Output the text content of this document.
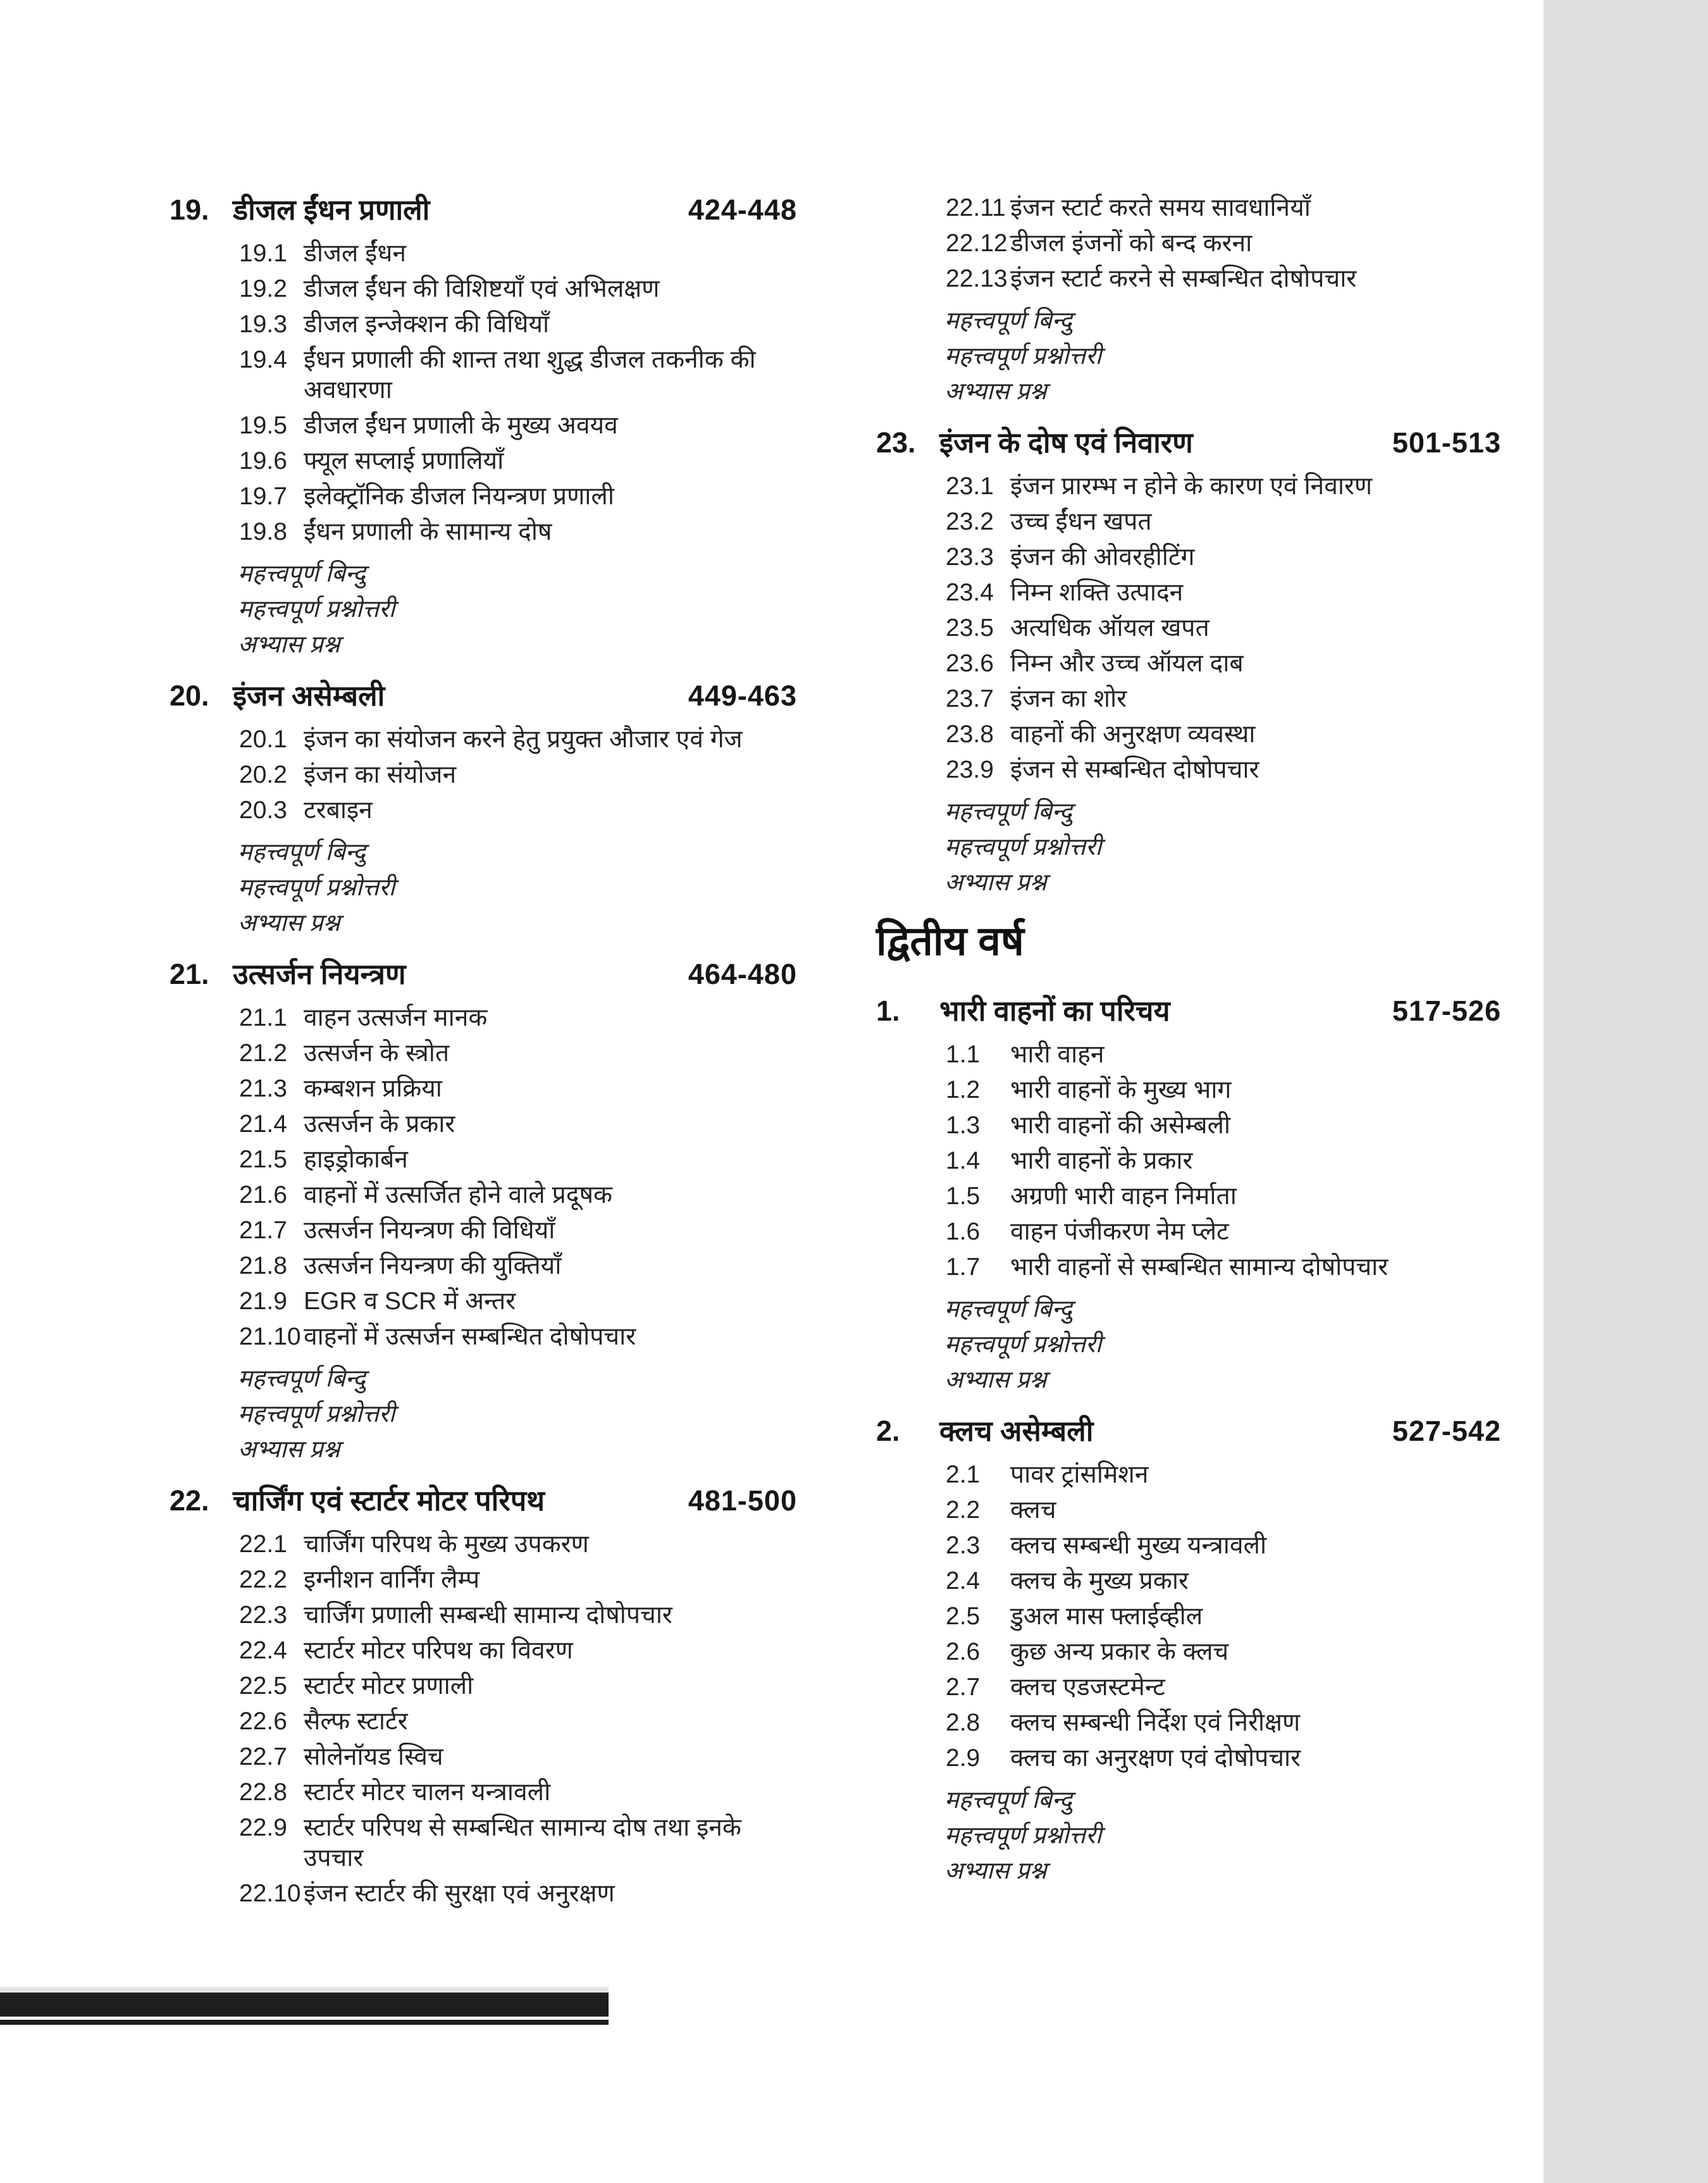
19. डीजल ईंधन प्रणाली	424-448
19.1 डीजल ईंधन
19.2 डीजल ईंधन की विशिष्टयाँ एवं अभिलक्षण
19.3 डीजल इन्जेक्शन की विधियाँ
19.4 ईंधन प्रणाली की शान्त तथा शुद्ध डीजल तकनीक की अवधारणा
19.5 डीजल ईंधन प्रणाली के मुख्य अवयव
19.6 फ्यूल सप्लाई प्रणालियाँ
19.7 इलेक्ट्रॉनिक डीजल नियन्त्रण प्रणाली
19.8 ईंधन प्रणाली के सामान्य दोष
महत्त्वपूर्ण बिन्दु
महत्त्वपूर्ण प्रश्नोत्तरी
अभ्यास प्रश्न
20. इंजन असेम्बली	449-463
20.1 इंजन का संयोजन करने हेतु प्रयुक्त औजार एवं गेज
20.2 इंजन का संयोजन
20.3 टरबाइन
महत्त्वपूर्ण बिन्दु
महत्त्वपूर्ण प्रश्नोत्तरी
अभ्यास प्रश्न
21. उत्सर्जन नियन्त्रण	464-480
21.1 वाहन उत्सर्जन मानक
21.2 उत्सर्जन के स्त्रोत
21.3 कम्बशन प्रक्रिया
21.4 उत्सर्जन के प्रकार
21.5 हाइड्रोकार्बन
21.6 वाहनों में उत्सर्जित होने वाले प्रदूषक
21.7 उत्सर्जन नियन्त्रण की विधियाँ
21.8 उत्सर्जन नियन्त्रण की युक्तियाँ
21.9 EGR व SCR में अन्तर
21.10 वाहनों में उत्सर्जन सम्बन्धित दोषोपचार
महत्त्वपूर्ण बिन्दु
महत्त्वपूर्ण प्रश्नोत्तरी
अभ्यास प्रश्न
22. चार्जिंग एवं स्टार्टर मोटर परिपथ	481-500
22.1 चार्जिंग परिपथ के मुख्य उपकरण
22.2 इग्नीशन वार्निंग लैम्प
22.3 चार्जिंग प्रणाली सम्बन्धी सामान्य दोषोपचार
22.4 स्टार्टर मोटर परिपथ का विवरण
22.5 स्टार्टर मोटर प्रणाली
22.6 सैल्फ स्टार्टर
22.7 सोलेनॉयड स्विच
22.8 स्टार्टर मोटर चालन यन्त्रावली
22.9 स्टार्टर परिपथ से सम्बन्धित सामान्य दोष तथा इनके उपचार
22.10 इंजन स्टार्टर की सुरक्षा एवं अनुरक्षण
22.11 इंजन स्टार्ट करते समय सावधानियाँ
22.12 डीजल इंजनों को बन्द करना
22.13 इंजन स्टार्ट करने से सम्बन्धित दोषोपचार
महत्त्वपूर्ण बिन्दु
महत्त्वपूर्ण प्रश्नोत्तरी
अभ्यास प्रश्न
23. इंजन के दोष एवं निवारण	501-513
23.1 इंजन प्रारम्भ न होने के कारण एवं निवारण
23.2 उच्च ईंधन खपत
23.3 इंजन की ओवरहीटिंग
23.4 निम्न शक्ति उत्पादन
23.5 अत्यधिक ऑयल खपत
23.6 निम्न और उच्च ऑयल दाब
23.7 इंजन का शोर
23.8 वाहनों की अनुरक्षण व्यवस्था
23.9 इंजन से सम्बन्धित दोषोपचार
महत्त्वपूर्ण बिन्दु
महत्त्वपूर्ण प्रश्नोत्तरी
अभ्यास प्रश्न
द्वितीय वर्ष
1.	भारी वाहनों का परिचय	517-526
1.1	भारी वाहन
1.2	भारी वाहनों के मुख्य भाग
1.3	भारी वाहनों की असेम्बली
1.4	भारी वाहनों के प्रकार
1.5	अग्रणी भारी वाहन निर्माता
1.6	वाहन पंजीकरण नेम प्लेट
1.7	भारी वाहनों से सम्बन्धित सामान्य दोषोपचार
महत्त्वपूर्ण बिन्दु
महत्त्वपूर्ण प्रश्नोत्तरी
अभ्यास प्रश्न
2.	क्लच असेम्बली	527-542
2.1	पावर ट्रांसमिशन
2.2	क्लच
2.3	क्लच सम्बन्धी मुख्य यन्त्रावली
2.4	क्लच के मुख्य प्रकार
2.5	डुअल मास फ्लाईव्हील
2.6	कुछ अन्य प्रकार के क्लच
2.7	क्लच एडजस्टमेन्ट
2.8	क्लच सम्बन्धी निर्देश एवं निरीक्षण
2.9	क्लच का अनुरक्षण एवं दोषोपचार
महत्त्वपूर्ण बिन्दु
महत्त्वपूर्ण प्रश्नोत्तरी
अभ्यास प्रश्न
